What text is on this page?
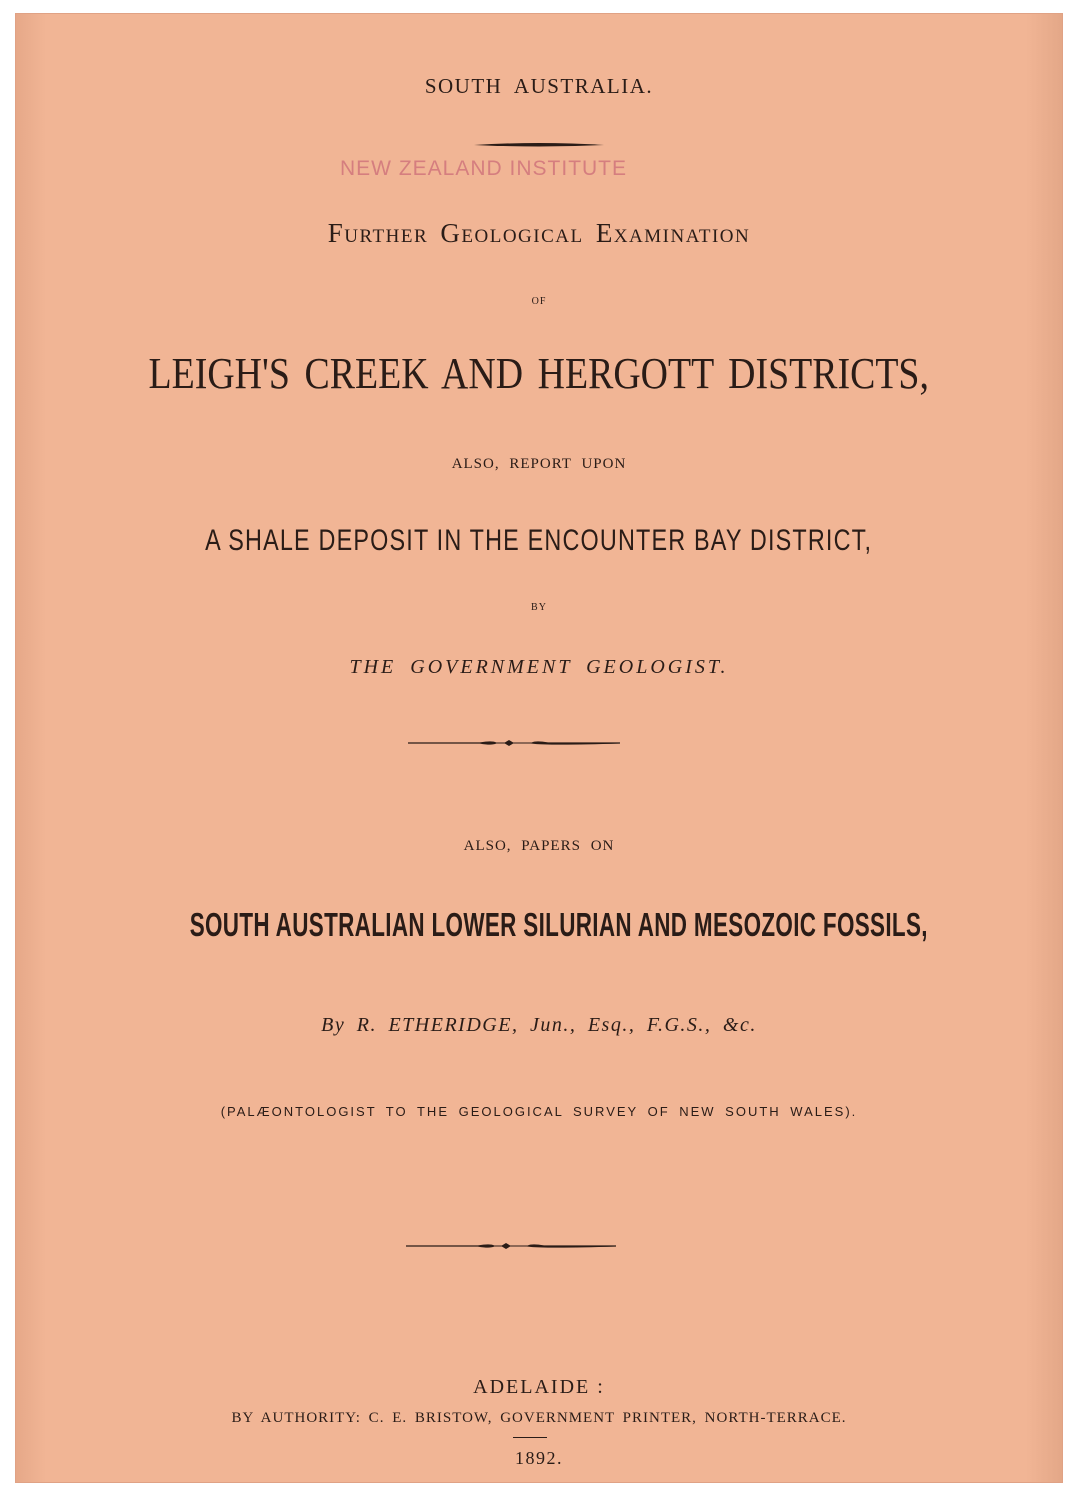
SOUTH AUSTRALIA.
NEW ZEALAND INSTITUTE
Further Geological Examination
OF
LEIGH'S CREEK AND HERGOTT DISTRICTS,
ALSO, REPORT UPON
A SHALE DEPOSIT IN THE ENCOUNTER BAY DISTRICT,
BY
THE GOVERNMENT GEOLOGIST.
ALSO, PAPERS ON
SOUTH AUSTRALIAN LOWER SILURIAN AND MESOZOIC FOSSILS,
By R. ETHERIDGE, Jun., Esq., F.G.S., &c.
(PALÆONTOLOGIST TO THE GEOLOGICAL SURVEY OF NEW SOUTH WALES).
ADELAIDE :
BY AUTHORITY: C. E. BRISTOW, GOVERNMENT PRINTER, NORTH-TERRACE.
1892.
